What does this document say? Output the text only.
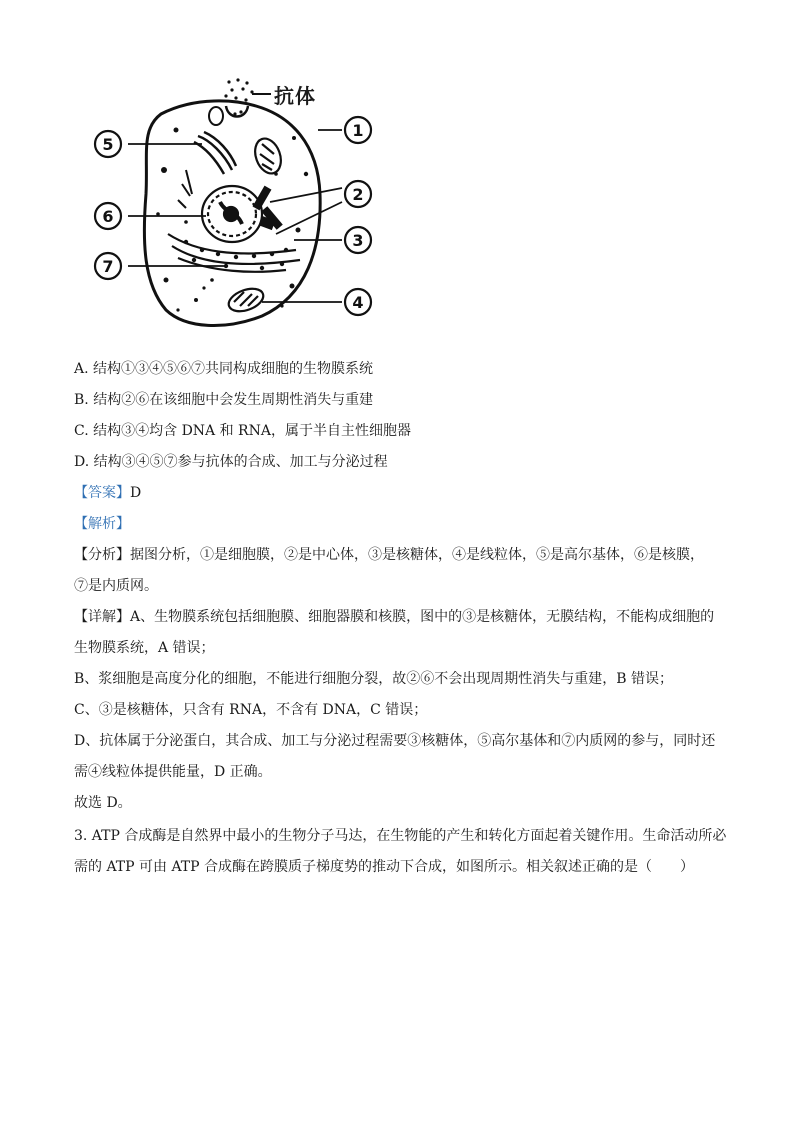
5
1
2
3
6
7
4
抗体
A. 结构①③④⑤⑥⑦共同构成细胞的生物膜系统
B. 结构②⑥在该细胞中会发生周期性消失与重建
C. 结构③④均含 DNA 和 RNA，属于半自主性细胞器
D. 结构③④⑤⑦参与抗体的合成、加工与分泌过程
【答案】D
【解析】
【分析】据图分析，①是细胞膜，②是中心体，③是核糖体，④是线粒体，⑤是高尔基体，⑥是核膜，
⑦是内质网。
【详解】A、生物膜系统包括细胞膜、细胞器膜和核膜，图中的③是核糖体，无膜结构，不能构成细胞的
生物膜系统，A 错误；
B、浆细胞是高度分化的细胞，不能进行细胞分裂，故②⑥不会出现周期性消失与重建，B 错误；
C、③是核糖体，只含有 RNA，不含有 DNA，C 错误；
D、抗体属于分泌蛋白，其合成、加工与分泌过程需要③核糖体，⑤高尔基体和⑦内质网的参与，同时还
需④线粒体提供能量，D 正确。
故选 D。
3. ATP 合成酶是自然界中最小的生物分子马达，在生物能的产生和转化方面起着关键作用。生命活动所必
需的 ATP 可由 ATP 合成酶在跨膜质子梯度势的推动下合成，如图所示。相关叙述正确的是（　　）
